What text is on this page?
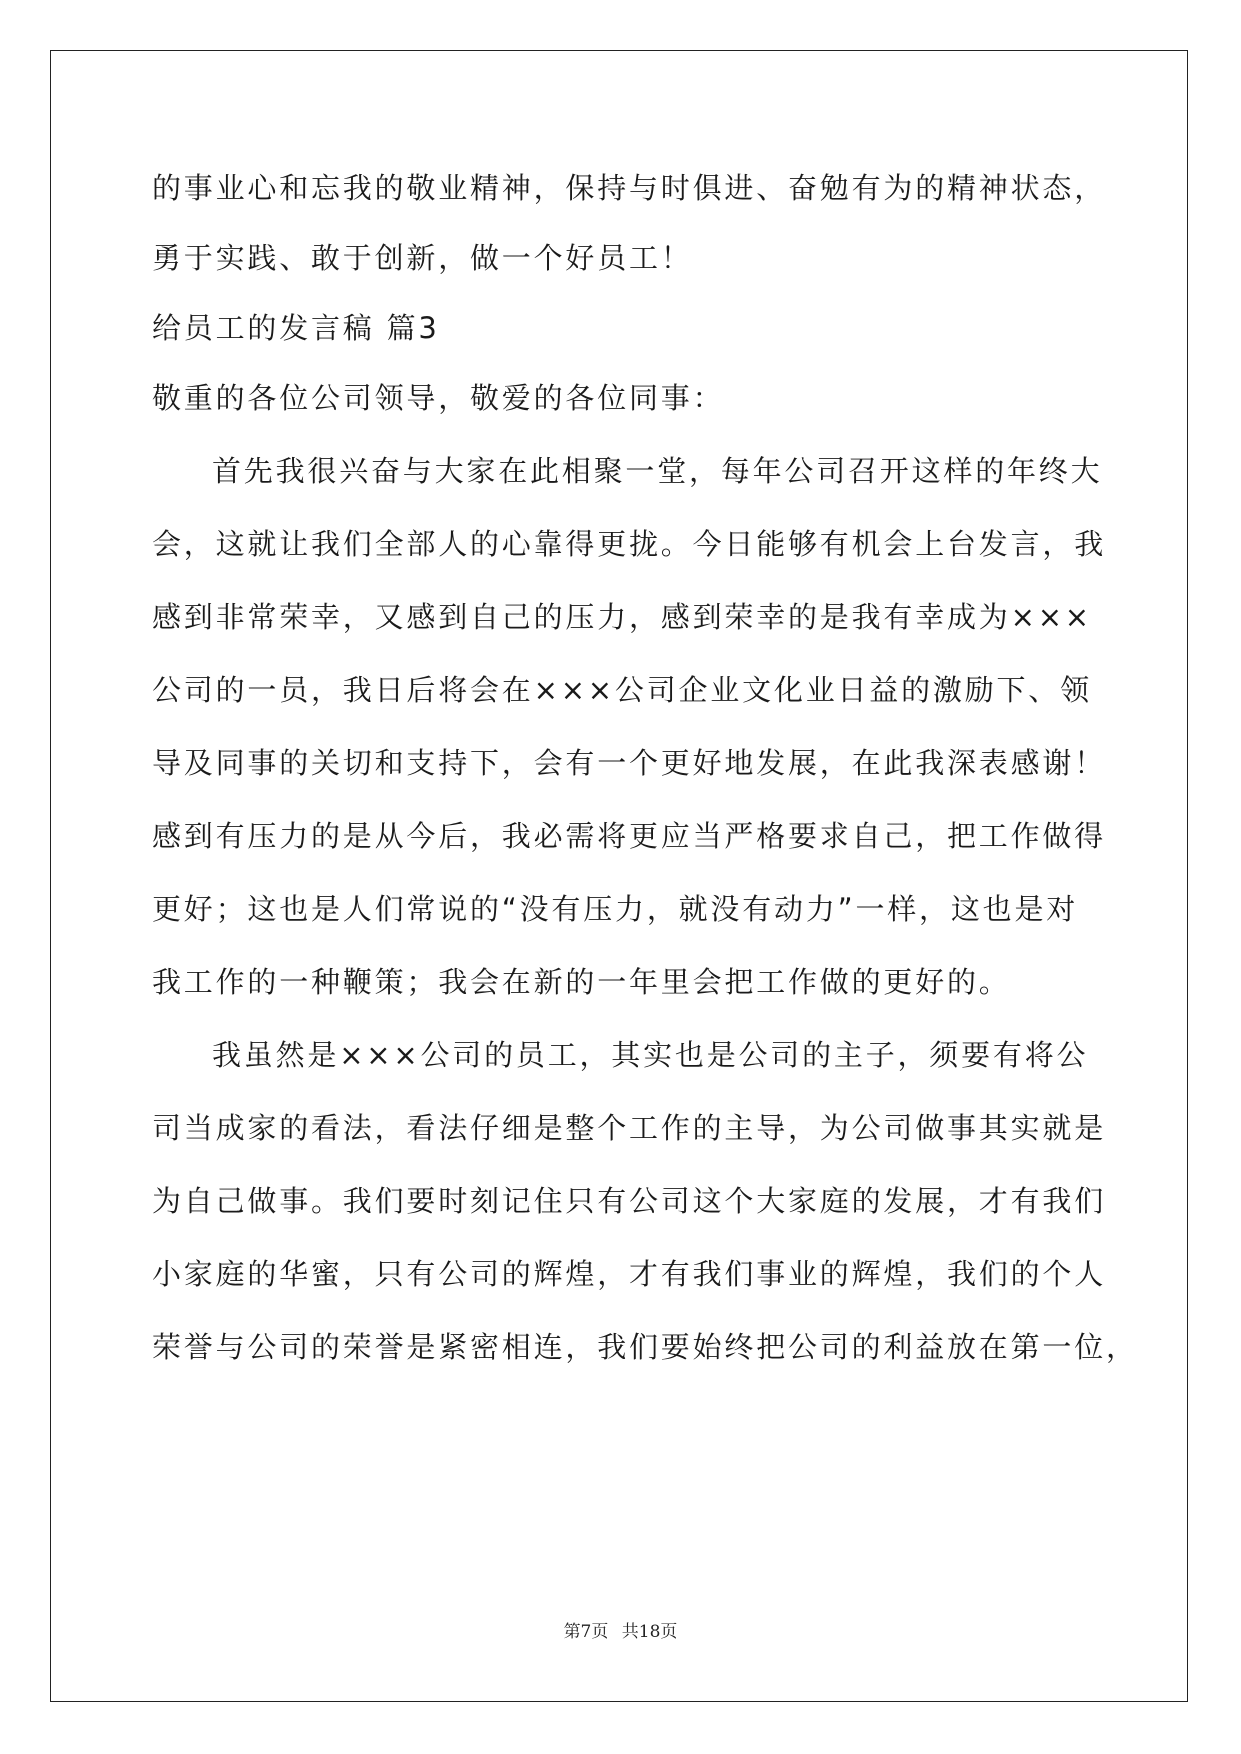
的事业心和忘我的敬业精神，保持与时俱进、奋勉有为的精神状态，
勇于实践、敢于创新，做一个好员工！
给员工的发言稿 篇3
敬重的各位公司领导，敬爱的各位同事：
首先我很兴奋与大家在此相聚一堂，每年公司召开这样的年终大
会，这就让我们全部人的心靠得更拢。今日能够有机会上台发言，我
感到非常荣幸，又感到自己的压力，感到荣幸的是我有幸成为×××
公司的一员，我日后将会在×××公司企业文化业日益的激励下、领
导及同事的关切和支持下，会有一个更好地发展，在此我深表感谢！
感到有压力的是从今后，我必需将更应当严格要求自己，把工作做得
更好；这也是人们常说的“没有压力，就没有动力”一样，这也是对
我工作的一种鞭策；我会在新的一年里会把工作做的更好的。
我虽然是×××公司的员工，其实也是公司的主子，须要有将公
司当成家的看法，看法仔细是整个工作的主导，为公司做事其实就是
为自己做事。我们要时刻记住只有公司这个大家庭的发展，才有我们
小家庭的华蜜，只有公司的辉煌，才有我们事业的辉煌，我们的个人
荣誉与公司的荣誉是紧密相连，我们要始终把公司的利益放在第一位，
第7页 共18页
